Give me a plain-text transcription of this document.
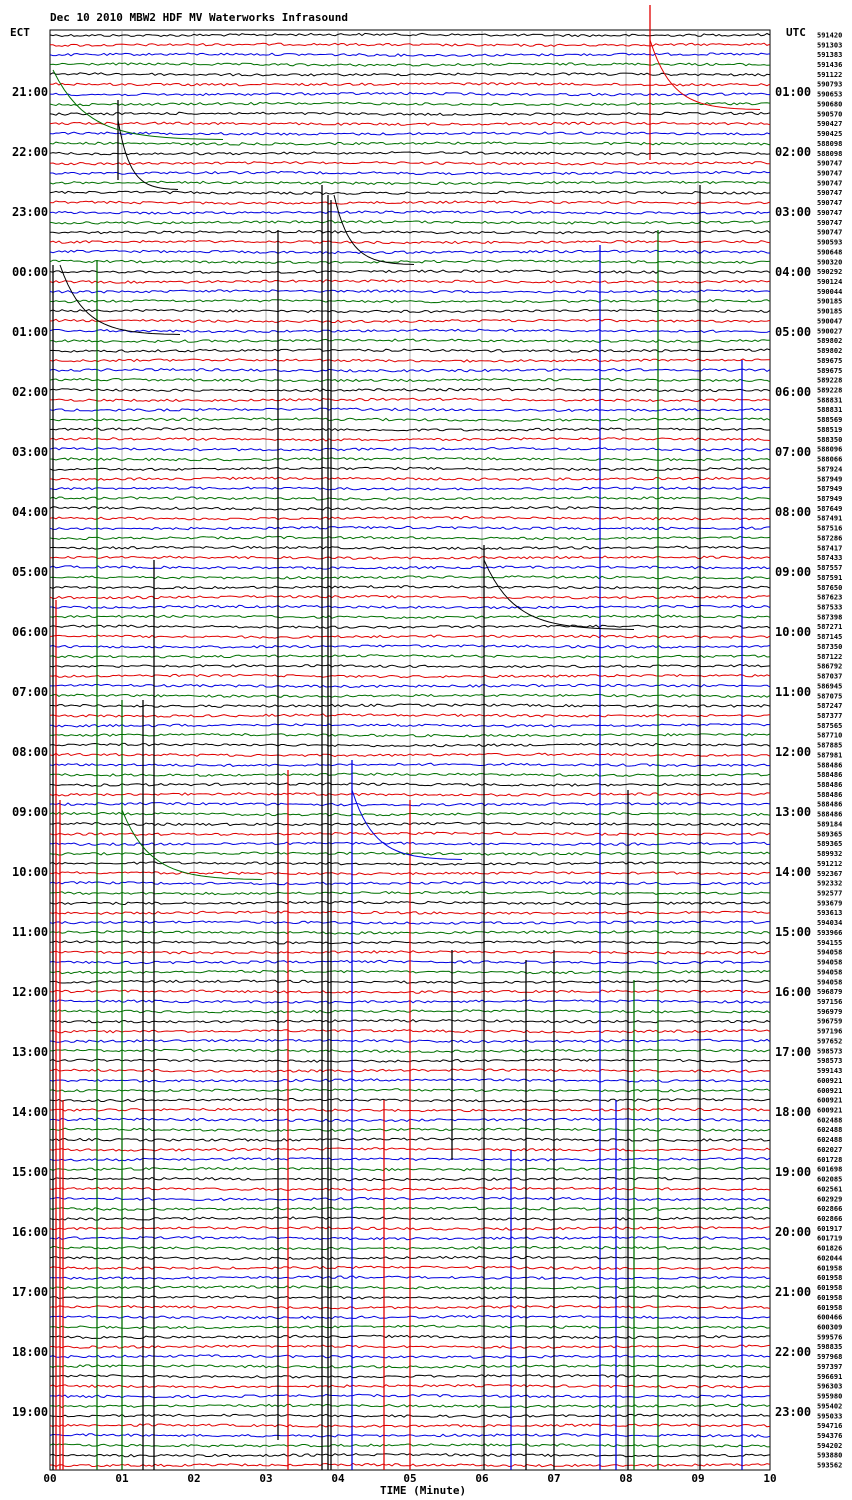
Dec 10 2010 MBW2 HDF MV Waterworks Infrasound
ECT	UTC
21:00
22:00
23:00
00:00
01:00
02:00
03:00
04:00
05:00
06:00
07:00
08:00
09:00
10:00
11:00
12:00
13:00
14:00
15:00
16:00
17:00
18:00
19:00
01:00
02:00
03:00
04:00
05:00
06:00
07:00
08:00
09:00
10:00
11:00
12:00
13:00
14:00
15:00
16:00
17:00
18:00
19:00
20:00
21:00
22:00
23:00
591420
591303
591383
591436
591122
590793
590653
590680
590570
590427
590425
588098
588098
590747
590747
590747
590747
590747
590747
590747
590747
590593
590648
590320
590292
590124
590044
590185
590185
590047
590027
589802
589802
589675
589675
589228
589228
588831
588831
588569
588519
588350
588096
588066
587924
587949
587949
587949
587649
587491
587516
587286
587417
587433
587557
587591
587650
587623
587533
587398
587271
587145
587350
587122
586792
587037
586945
587075
587247
587377
587565
587710
587885
587981
588486
588486
588486
588486
588486
588486
589184
589365
589365
589932
591212
592367
592332
592577
593679
593613
594034
593966
594155
594058
594058
594058
594058
596879
597156
596979
596759
597196
597652
598573
598573
599143
600921
600921
600921
600921
602488
602488
602488
602027
601728
601698
602085
602561
602929
602866
602866
601917
601719
601826
602044
601958
601958
601958
601958
601958
600466
600309
599576
598835
597968
597397
596691
596303
595980
595402
595033
594716
594376
594202
593880
593562
00	01	02	03	04	05	06	07	08	09	10
TIME (Minute)
